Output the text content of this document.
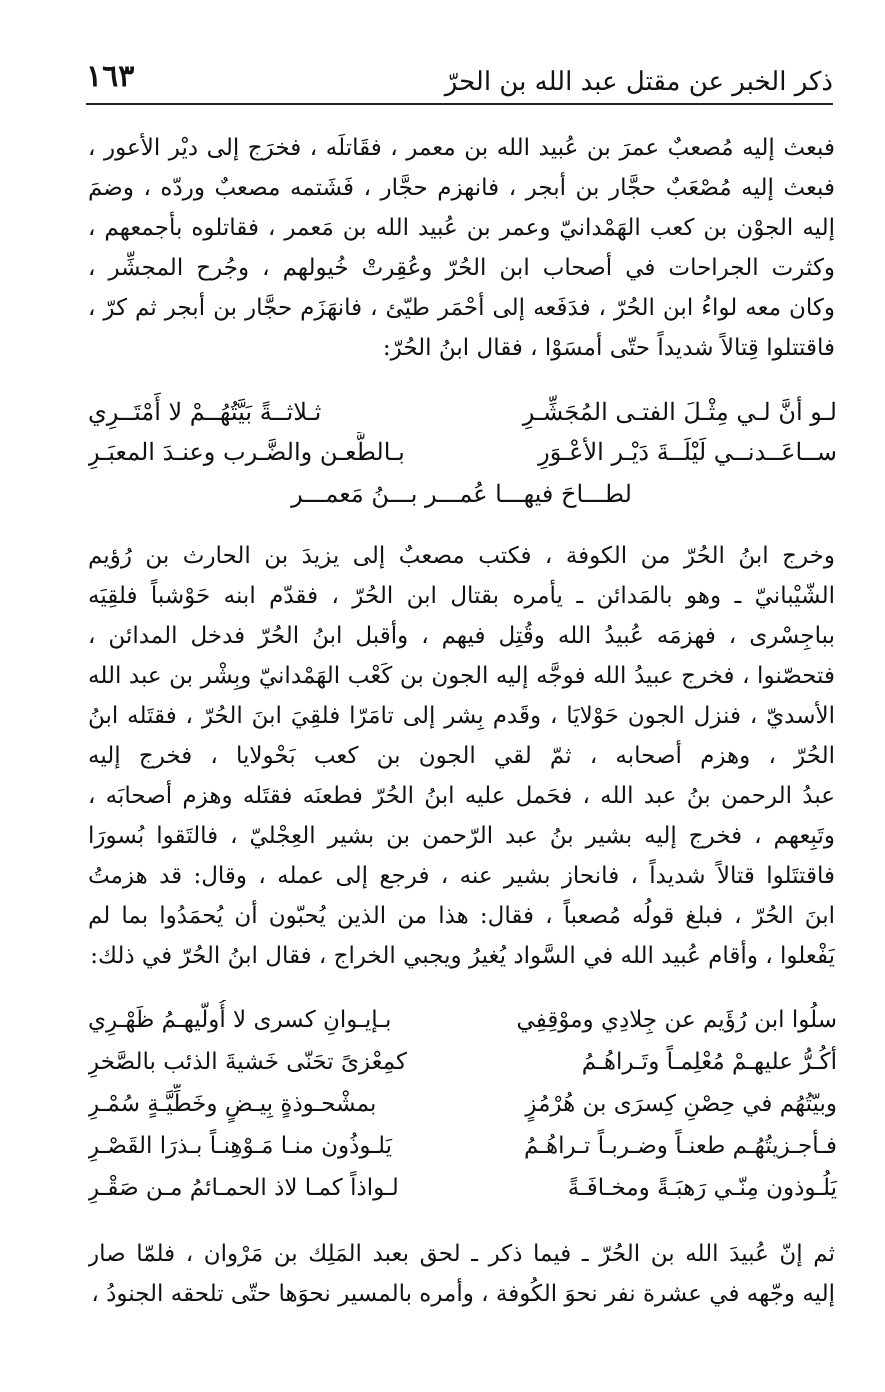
ذكر الخبر عن مقتل عبد الله بن الحرّ
١٦٣
فبعث إليه مُصعبٌ عمرَ بن عُبيد الله بن معمر ، فقَاتلَه ، فخرَج إلى ديْر الأعور ،
فبعث إليه مُصْعَبٌ حجَّار بن أبجر ، فانهزم حجَّار ، فَشَتمه مصعبٌ وردّه ، وضمَ
إليه الجوْن بن كعب الهَمْدانيّ وعمر بن عُبيد الله بن مَعمر ، فقاتلوه بأجمعهم ،
وكثرت الجراحات في أصحاب ابن الحُرّ وعُقِرتْ خُيولهم ، وجُرح المجشِّر ،
وكان معه لواءُ ابن الحُرّ ، فدَفَعه إلى أحْمَر طيّئ ، فانهَزَم حجَّار بن أبجر ثم كرّ ،
فاقتتلوا قِتالاً شديداً حتّى أمسَوْا ، فقال ابنُ الحُرّ:
لـو أنَّ لـي مِثْـلَ الفتـى المُجَشِّـرِ
ثـلاثــةً بَيَّتُهُــمْ لا أَمْتَــرِي
ســاعَــدنــي لَيْلَــةَ دَيْـر الأعْـوَرِ
بـالطَّعـن والضَّـرب وعنـدَ المعبَـرِ
لطـــاحَ فيهـــا عُمـــر بـــنُ مَعمـــر
وخرج ابنُ الحُرّ من الكوفة ، فكتب مصعبٌ إلى يزيدَ بن الحارث بن رُؤيم
الشّيْبانيّ ـ وهو بالمَدائن ـ يأمره بقتال ابن الحُرّ ، فقدّم ابنه حَوْشباً فلقِيَه
بباجِسْرى ، فهزمَه عُبيدُ الله وقُتِل فيهم ، وأقبل ابنُ الحُرّ فدخل المدائن ،
فتحصّنوا ، فخرج عبيدُ الله فوجَّه إليه الجون بن كَعْب الهَمْدانيّ وبِشْر بن عبد الله
الأسديّ ، فنزل الجون حَوْلايَا ، وقَدم بِشر إلى تامَرّا فلقِيَ ابنَ الحُرّ ، فقتَله ابنُ
الحُرّ ، وهزم أصحابه ، ثمّ لقي الجون بن كعب بَحْولايا ، فخرج إليه
عبدُ الرحمن بنُ عبد الله ، فحَمل عليه ابنُ الحُرّ فطعنَه فقتَله وهزم أصحابَه ،
وتَبِعهم ، فخرج إليه بشير بنُ عبد الرّحمن بن بشير العِجْليّ ، فالتَقوا بُسورَا
فاقتتَلوا قتالاً شديداً ، فانحاز بشير عنه ، فرجع إلى عمله ، وقال: قد هزمتُ
ابنَ الحُرّ ، فبلغ قولُه مُصعباً ، فقال: هذا من الذين يُحبّون أن يُحمَدُوا بما لم
يَفْعلوا ، وأقام عُبيد الله في السَّواد يُغيرُ ويجبي الخراج ، فقال ابنُ الحُرّ في ذلك:
سلُوا ابن رُؤَيم عن جِلادِي وموْقِفِي
بـإيـوانِ كسرى لا أُولّيهـمُ ظَهْـرِي
أكُـرُّ عليهـمْ مُعْلِمـاً وتَـراهُـمُ
كمِعْزىً تحَنّى خَشيةَ الذئب بالصَّخرِ
وبيّتُهُم في حِصْنِ كِسرَى بن هُرْمُزٍ
بمشْحـوذةٍ بِيـضٍ وخَطِّيَّـةٍ سُمْـرِ
فـأجـزيتُهُـم طعنـاً وضـربـاً تـراهُـمُ
يَلـوذُون منـا مَـوْهِنـاً بـذرَا القَصْـرِ
يَلُـوذون مِنّـي رَهبَـةً ومخـافَـةً
لـواذاً كمـا لاذ الحمـائمُ مـن صَقْـرِ
ثم إنّ عُبيدَ الله بن الحُرّ ـ فيما ذكر ـ لحق بعبد المَلِك بن مَرْوان ، فلمّا صار
إليه وجّهه في عشرة نفر نحوَ الكُوفة ، وأمره بالمسير نحوَها حتّى تلحقه الجنودُ ،
